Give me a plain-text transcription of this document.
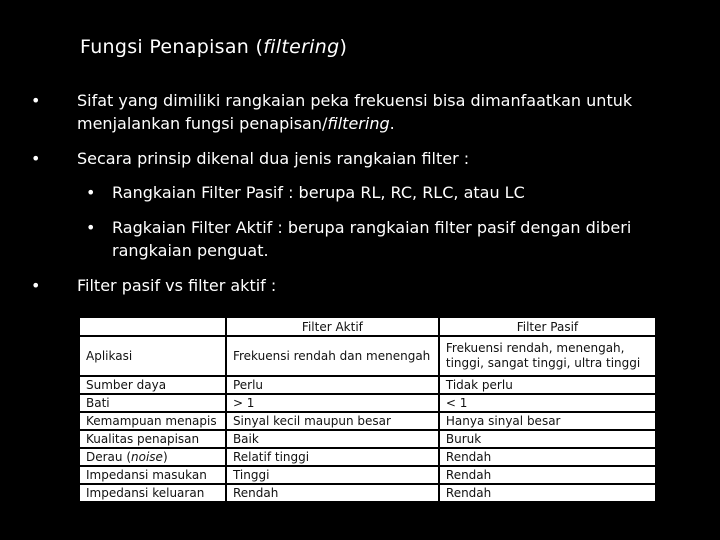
Fungsi Penapisan (filtering)
• Sifat yang dimiliki rangkaian peka frekuensi bisa dimanfaatkan untuk menjalankan fungsi penapisan/filtering.
• Secara prinsip dikenal dua jenis rangkaian filter :
• Rangkaian Filter Pasif : berupa RL, RC, RLC, atau LC
• Ragkaian Filter Aktif : berupa rangkaian filter pasif dengan diberi rangkaian penguat.
• Filter pasif vs filter aktif :
	Filter Aktif	Filter Pasif
Aplikasi	Frekuensi rendah dan menengah	Frekuensi rendah, menengah, tinggi, sangat tinggi, ultra tinggi
Sumber daya	Perlu	Tidak perlu
Bati	> 1	< 1
Kemampuan menapis	Sinyal kecil maupun besar	Hanya sinyal besar
Kualitas penapisan	Baik	Buruk
Derau (noise)	Relatif tinggi	Rendah
Impedansi masukan	Tinggi	Rendah
Impedansi keluaran	Rendah	Rendah
